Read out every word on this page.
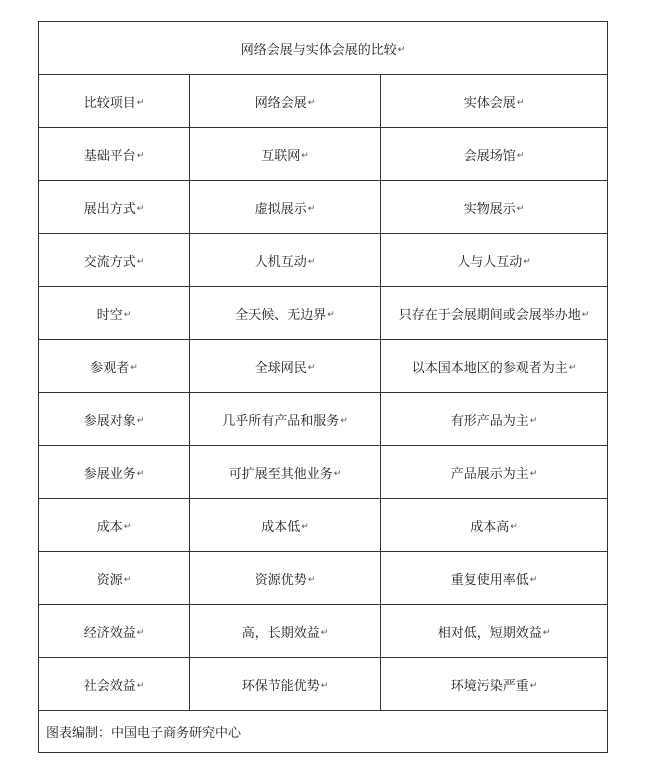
网络会展与实体会展的比较↵		
比较项目↵	网络会展↵	实体会展↵
基础平台↵	互联网↵	会展场馆↵
展出方式↵	虚拟展示↵	实物展示↵
交流方式↵	人机互动↵	人与人互动↵
时空↵	全天候、无边界↵	只存在于会展期间或会展举办地↵
参观者↵	全球网民↵	以本国本地区的参观者为主↵
参展对象↵	几乎所有产品和服务↵	有形产品为主↵
参展业务↵	可扩展至其他业务↵	产品展示为主↵
成本↵	成本低↵	成本高↵
资源↵	资源优势↵	重复使用率低↵
经济效益↵	高，长期效益↵	相对低，短期效益↵
社会效益↵	环保节能优势↵	环境污染严重↵
图表编制：中国电子商务研究中心		
